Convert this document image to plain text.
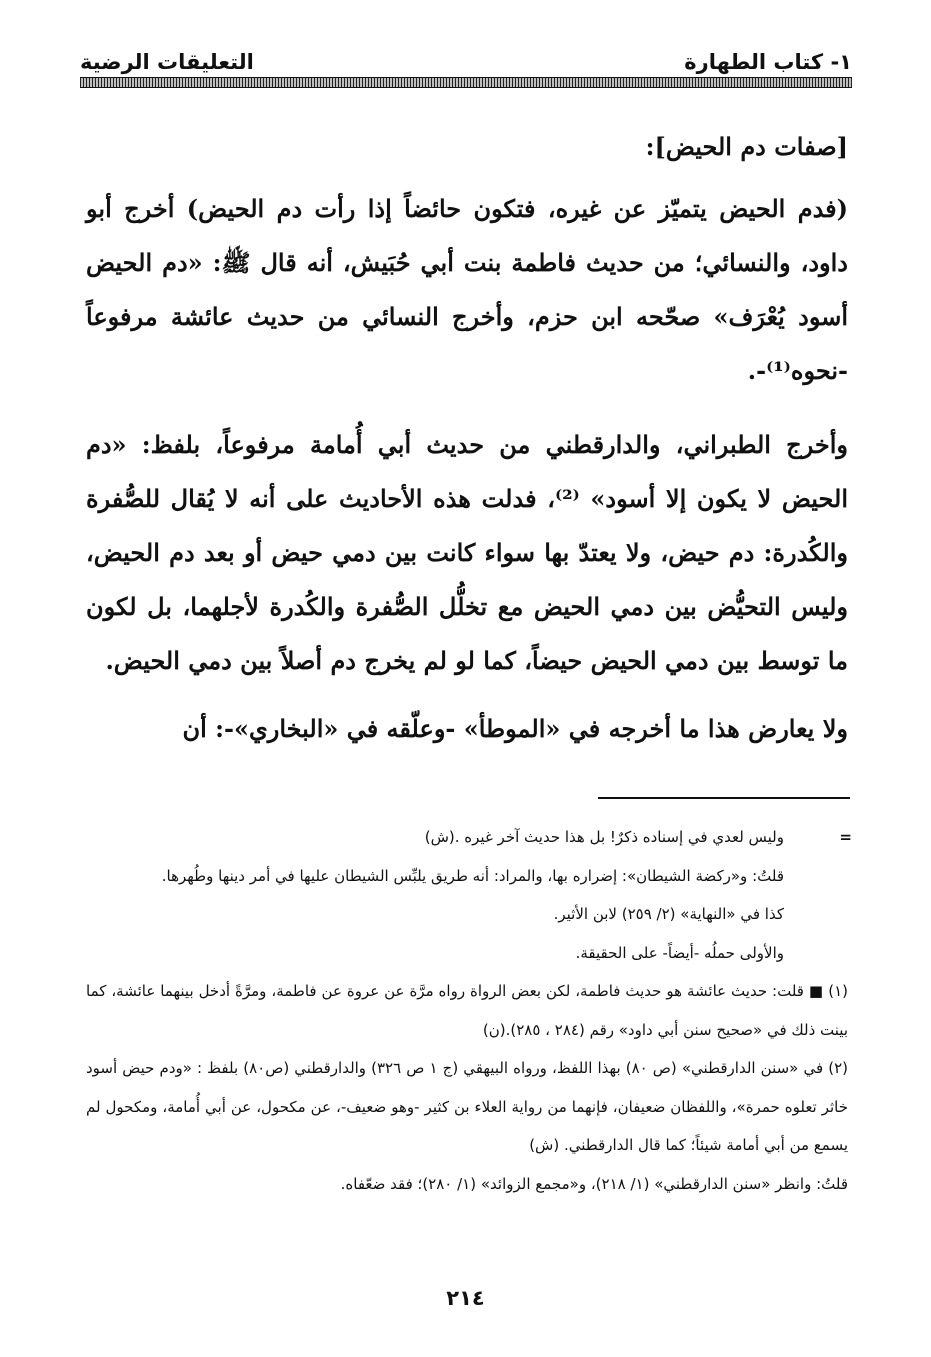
١- كتاب الطهارة
التعليقات الرضية

[صفات دم الحيض]:

(فدم الحيض يتميّز عن غيره، فتكون حائضاً إذا رأت دم الحيض) أخرج أبو داود، والنسائي؛ من حديث فاطمة بنت أبي حُبَيش، أنه قال ﷺ: «دم الحيض أسود يُعْرَف» صحّحه ابن حزم، وأخرج النسائي من حديث عائشة مرفوعاً -نحوه⁽¹⁾-.

وأخرج الطبراني، والدارقطني من حديث أبي أُمامة مرفوعاً، بلفظ: «دم الحيض لا يكون إلا أسود» ⁽²⁾، فدلت هذه الأحاديث على أنه لا يُقال للصُّفرة والكُدرة: دم حيض، ولا يعتدّ بها سواء كانت بين دمي حيض أو بعد دم الحيض، وليس التحيُّض بين دمي الحيض مع تخلُّل الصُّفرة والكُدرة لأجلهما، بل لكون ما توسط بين دمي الحيض حيضاً، كما لو لم يخرج دم أصلاً بين دمي الحيض.

ولا يعارض هذا ما أخرجه في «الموطأ» -وعلّقه في «البخاري»-: أن

=

وليس لعدي في إسناده ذكرٌ! بل هذا حديث آخر غيره .(ش)

قلتُ: و«ركضة الشيطان»: إضراره بها، والمراد: أنه طريق يلبِّس الشيطان عليها في أمر دينها وطُهرها.

كذا في «النهاية» (٢/ ٢٥٩) لابن الأثير.

والأولى حملُه -أيضاً- على الحقيقة.

(١) ■ قلت: حديث عائشة هو حديث فاطمة، لكن بعض الرواة رواه مرَّة عن عروة عن فاطمة، ومرَّةً أدخل بينهما عائشة، كما بينت ذلك في «صحيح سنن أبي داود» رقم (٢٨٤ ، ٢٨٥).(ن)

(٢) في «سنن الدارقطني» (ص ٨٠) بهذا اللفظ، ورواه البيهقي (ج ١ ص ٣٢٦) والدارقطني (ص٨٠) بلفظ : «ودم حيض أسود خاثر تعلوه حمرة»، واللفظان ضعيفان، فإنهما من رواية العلاء بن كثير -وهو ضعيف-، عن مكحول، عن أبي أُمامة، ومكحول لم يسمع من أبي أمامة شيئاً؛ كما قال الدارقطني. (ش)

قلتُ: وانظر «سنن الدارقطني» (١/ ٢١٨)، و«مجمع الزوائد» (١/ ٢٨٠)؛ فقد ضعّفاه.

٢١٤
